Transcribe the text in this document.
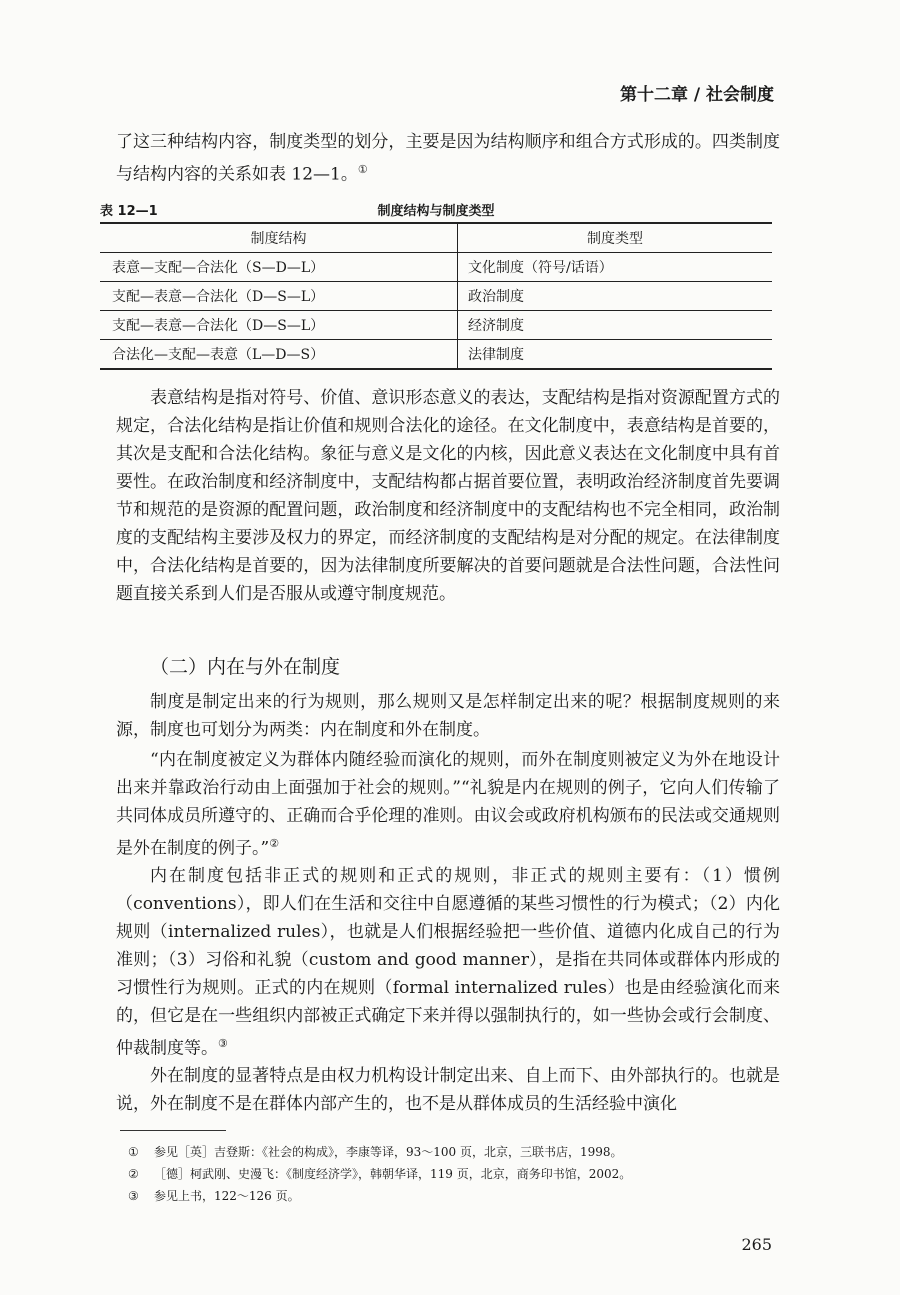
第十二章 / 社会制度

了这三种结构内容，制度类型的划分，主要是因为结构顺序和组合方式形成的。四类制度与结构内容的关系如表 12—1。①

表 12—1	制度结构与制度类型
制度结构	制度类型
表意—支配—合法化（S—D—L）	文化制度（符号/话语）
支配—表意—合法化（D—S—L）	政治制度
支配—表意—合法化（D—S—L）	经济制度
合法化—支配—表意（L—D—S）	法律制度

表意结构是指对符号、价值、意识形态意义的表达，支配结构是指对资源配置方式的规定，合法化结构是指让价值和规则合法化的途径。在文化制度中，表意结构是首要的，其次是支配和合法化结构。象征与意义是文化的内核，因此意义表达在文化制度中具有首要性。在政治制度和经济制度中，支配结构都占据首要位置，表明政治经济制度首先要调节和规范的是资源的配置问题，政治制度和经济制度中的支配结构也不完全相同，政治制度的支配结构主要涉及权力的界定，而经济制度的支配结构是对分配的规定。在法律制度中，合法化结构是首要的，因为法律制度所要解决的首要问题就是合法性问题，合法性问题直接关系到人们是否服从或遵守制度规范。

（二）内在与外在制度

制度是制定出来的行为规则，那么规则又是怎样制定出来的呢？根据制度规则的来源，制度也可划分为两类：内在制度和外在制度。

“内在制度被定义为群体内随经验而演化的规则，而外在制度则被定义为外在地设计出来并靠政治行动由上面强加于社会的规则。”“礼貌是内在规则的例子，它向人们传输了共同体成员所遵守的、正确而合乎伦理的准则。由议会或政府机构颁布的民法或交通规则是外在制度的例子。”②

内在制度包括非正式的规则和正式的规则，非正式的规则主要有：（1）惯例（conventions），即人们在生活和交往中自愿遵循的某些习惯性的行为模式；（2）内化规则（internalized rules），也就是人们根据经验把一些价值、道德内化成自己的行为准则；（3）习俗和礼貌（custom and good manner），是指在共同体或群体内形成的习惯性行为规则。正式的内在规则（formal internalized rules）也是由经验演化而来的，但它是在一些组织内部被正式确定下来并得以强制执行的，如一些协会或行会制度、仲裁制度等。③

外在制度的显著特点是由权力机构设计制定出来、自上而下、由外部执行的。也就是说，外在制度不是在群体内部产生的，也不是从群体成员的生活经验中演化

① 参见［英］吉登斯：《社会的构成》，李康等译，93～100 页，北京，三联书店，1998。
② ［德］柯武刚、史漫飞：《制度经济学》，韩朝华译，119 页，北京，商务印书馆，2002。
③ 参见上书，122～126 页。
265
